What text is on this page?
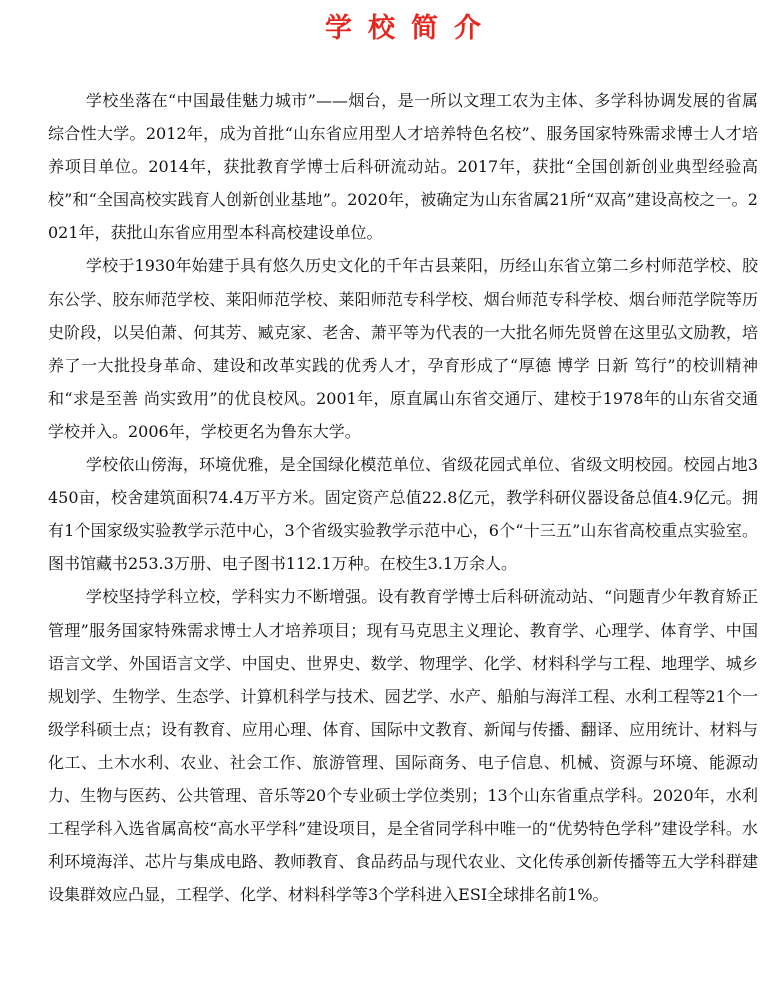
学校简介

学校坐落在“中国最佳魅力城市”——烟台，是一所以文理工农为主体、多学科协调发展的省属综合性大学。2012年，成为首批“山东省应用型人才培养特色名校”、服务国家特殊需求博士人才培养项目单位。2014年，获批教育学博士后科研流动站。2017年，获批“全国创新创业典型经验高校”和“全国高校实践育人创新创业基地”。2020年，被确定为山东省属21所“双高”建设高校之一。2021年，获批山东省应用型本科高校建设单位。

学校于1930年始建于具有悠久历史文化的千年古县莱阳，历经山东省立第二乡村师范学校、胶东公学、胶东师范学校、莱阳师范学校、莱阳师范专科学校、烟台师范专科学校、烟台师范学院等历史阶段，以吴伯萧、何其芳、臧克家、老舍、萧平等为代表的一大批名师先贤曾在这里弘文励教，培养了一大批投身革命、建设和改革实践的优秀人才，孕育形成了“厚德 博学 日新 笃行”的校训精神和“求是至善 尚实致用”的优良校风。2001年，原直属山东省交通厅、建校于1978年的山东省交通学校并入。2006年，学校更名为鲁东大学。

学校依山傍海，环境优雅，是全国绿化模范单位、省级花园式单位、省级文明校园。校园占地3450亩，校舍建筑面积74.4万平方米。固定资产总值22.8亿元，教学科研仪器设备总值4.9亿元。拥有1个国家级实验教学示范中心，3个省级实验教学示范中心，6个“十三五”山东省高校重点实验室。图书馆藏书253.3万册、电子图书112.1万种。在校生3.1万余人。

学校坚持学科立校，学科实力不断增强。设有教育学博士后科研流动站、“问题青少年教育矫正管理”服务国家特殊需求博士人才培养项目；现有马克思主义理论、教育学、心理学、体育学、中国语言文学、外国语言文学、中国史、世界史、数学、物理学、化学、材料科学与工程、地理学、城乡规划学、生物学、生态学、计算机科学与技术、园艺学、水产、船舶与海洋工程、水利工程等21个一级学科硕士点；设有教育、应用心理、体育、国际中文教育、新闻与传播、翻译、应用统计、材料与化工、土木水利、农业、社会工作、旅游管理、国际商务、电子信息、机械、资源与环境、能源动力、生物与医药、公共管理、音乐等20个专业硕士学位类别；13个山东省重点学科。2020年，水利工程学科入选省属高校“高水平学科”建设项目，是全省同学科中唯一的“优势特色学科”建设学科。水利环境海洋、芯片与集成电路、教师教育、食品药品与现代农业、文化传承创新传播等五大学科群建设集群效应凸显，工程学、化学、材料科学等3个学科进入ESI全球排名前1%。
